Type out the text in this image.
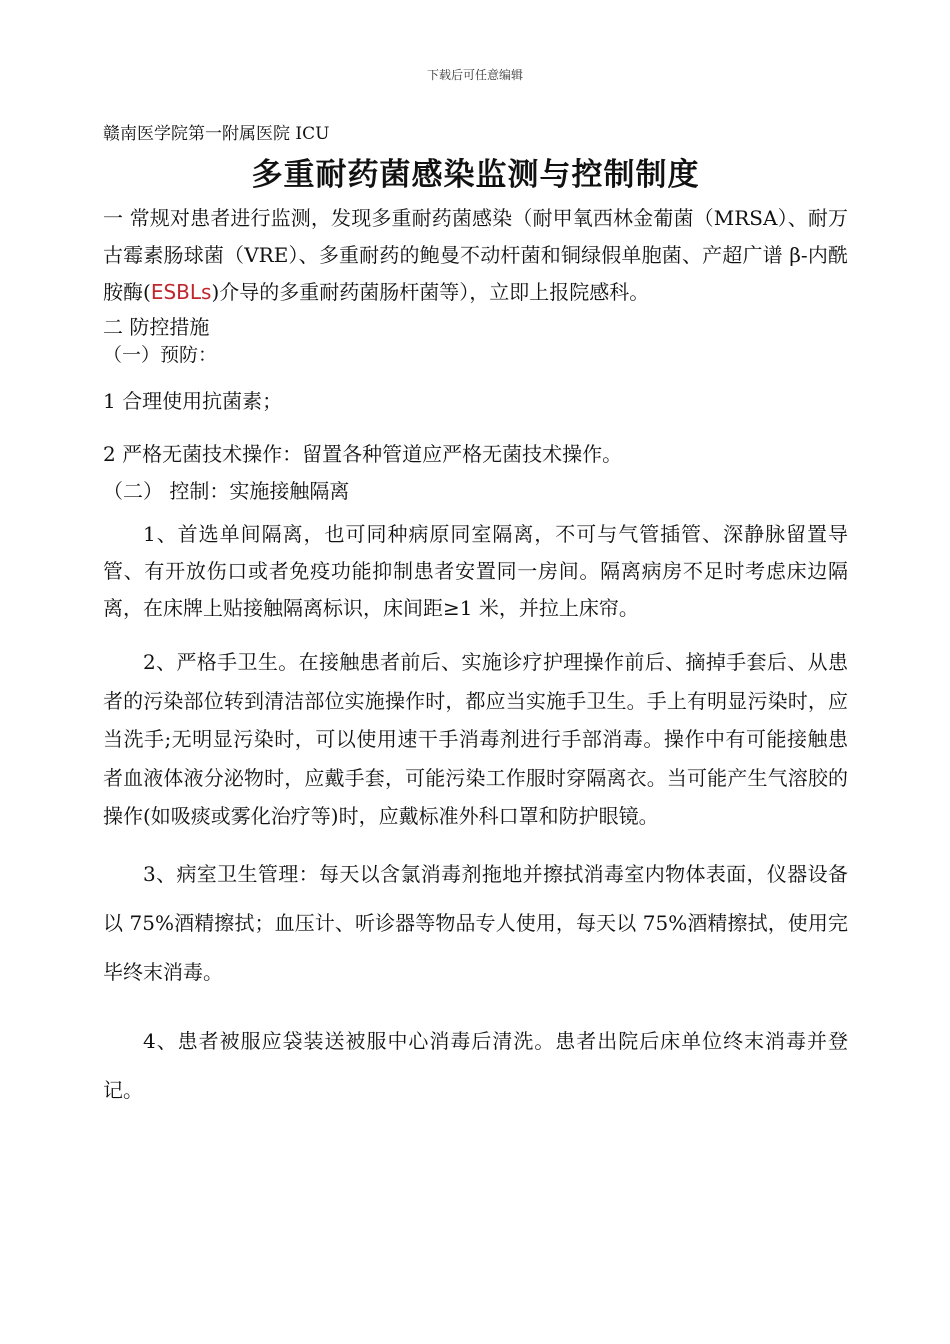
下载后可任意编辑

赣南医学院第一附属医院 ICU

多重耐药菌感染监测与控制制度

一 常规对患者进行监测，发现多重耐药菌感染（耐甲氧西林金葡菌（MRSA）、耐万古霉素肠球菌（VRE）、多重耐药的鲍曼不动杆菌和铜绿假单胞菌、产超广谱 β-内酰胺酶(ESBLs)介导的多重耐药菌肠杆菌等），立即上报院感科。

二 防控措施

（一）预防：

1 合理使用抗菌素；

2 严格无菌技术操作：留置各种管道应严格无菌技术操作。

（二） 控制：实施接触隔离

1、首选单间隔离，也可同种病原同室隔离，不可与气管插管、深静脉留置导管、有开放伤口或者免疫功能抑制患者安置同一房间。隔离病房不足时考虑床边隔离，在床牌上贴接触隔离标识，床间距≥1 米，并拉上床帘。

2、严格手卫生。在接触患者前后、实施诊疗护理操作前后、摘掉手套后、从患者的污染部位转到清洁部位实施操作时，都应当实施手卫生。手上有明显污染时，应当洗手;无明显污染时，可以使用速干手消毒剂进行手部消毒。操作中有可能接触患者血液体液分泌物时，应戴手套，可能污染工作服时穿隔离衣。当可能产生气溶胶的操作(如吸痰或雾化治疗等)时，应戴标准外科口罩和防护眼镜。

3、病室卫生管理：每天以含氯消毒剂拖地并擦拭消毒室内物体表面，仪器设备以 75%酒精擦拭；血压计、听诊器等物品专人使用，每天以 75%酒精擦拭，使用完毕终末消毒。

4、患者被服应袋装送被服中心消毒后清洗。患者出院后床单位终末消毒并登记。
